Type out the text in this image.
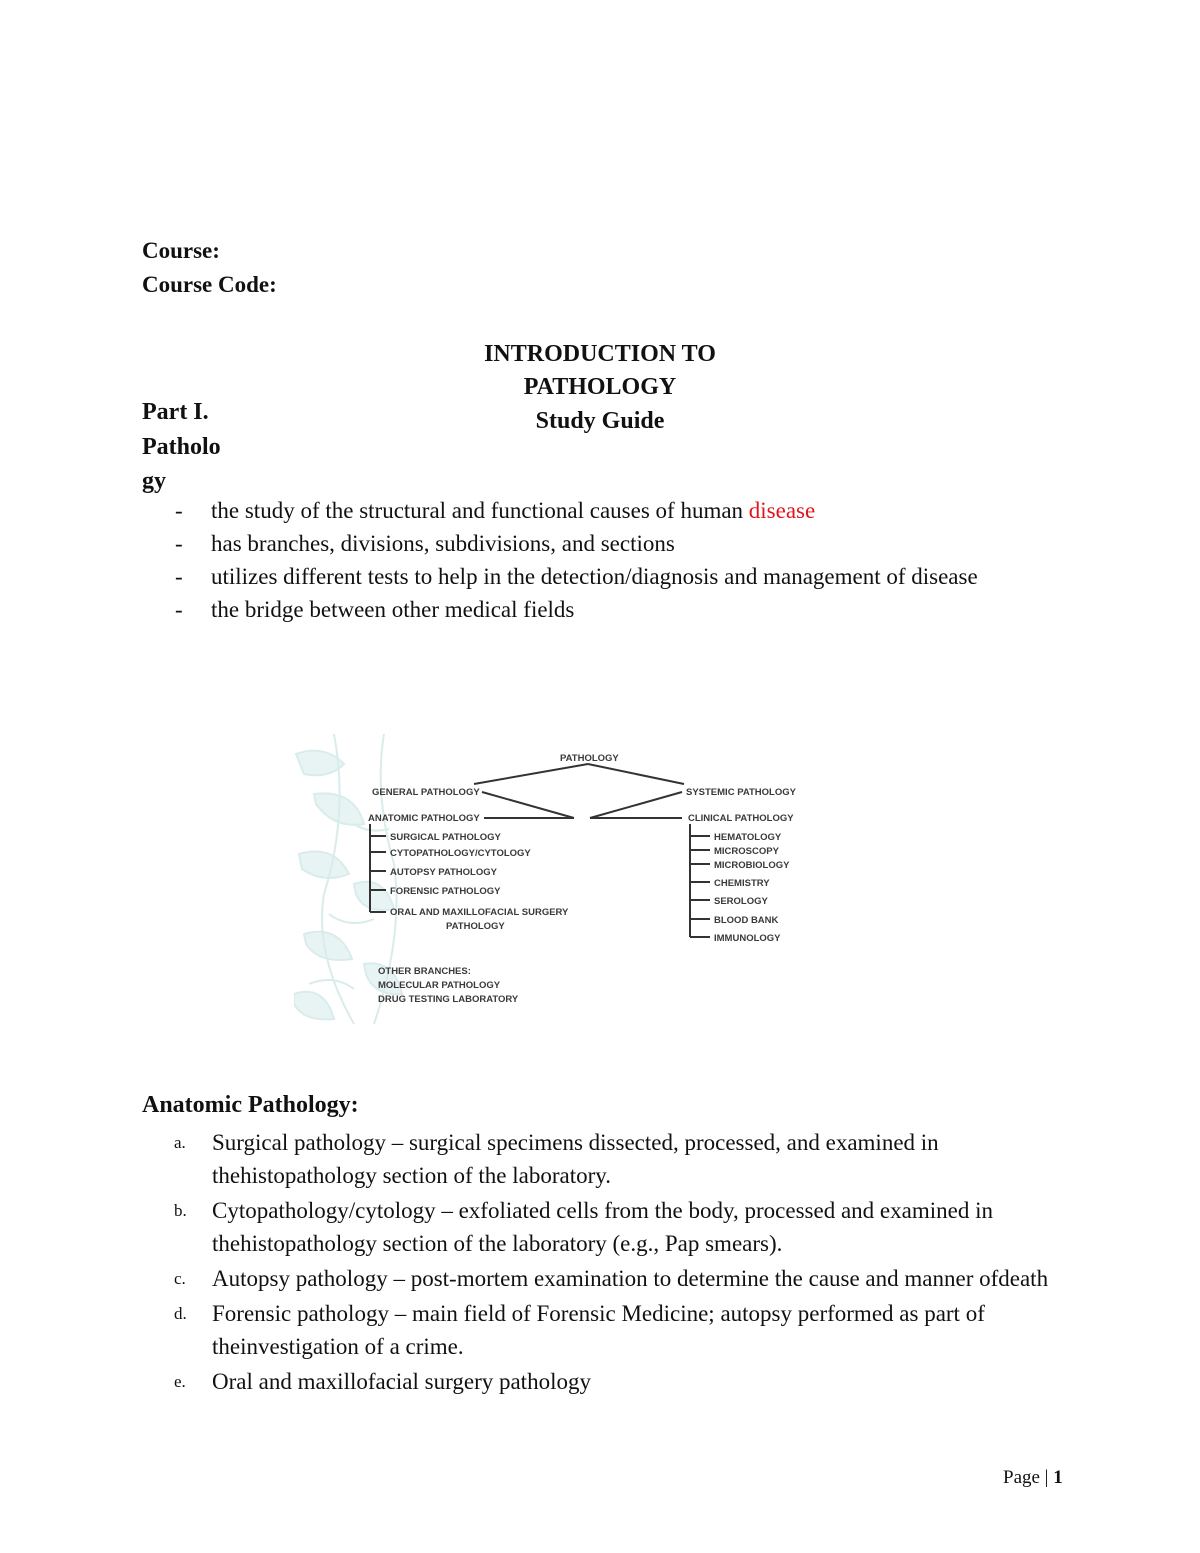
Course:
Course Code:
INTRODUCTION TO
PATHOLOGY
Study Guide
Part I.
Patholo
gy
- the study of the structural and functional causes of human disease
- has branches, divisions, subdivisions, and sections
- utilizes different tests to help in the detection/diagnosis and management of disease
- the bridge between other medical fields
PATHOLOGY
GENERAL PATHOLOGY	SYSTEMIC PATHOLOGY
ANATOMIC PATHOLOGY	CLINICAL PATHOLOGY
SURGICAL PATHOLOGY
CYTOPATHOLOGY/CYTOLOGY
AUTOPSY PATHOLOGY
FORENSIC PATHOLOGY
ORAL AND MAXILLOFACIAL SURGERY
PATHOLOGY
HEMATOLOGY
MICROSCOPY
MICROBIOLOGY
CHEMISTRY
SEROLOGY
BLOOD BANK
IMMUNOLOGY
OTHER BRANCHES:
MOLECULAR PATHOLOGY
DRUG TESTING LABORATORY
Anatomic Pathology:
a. Surgical pathology – surgical specimens dissected, processed, and examined in thehistopathology section of the laboratory.
b. Cytopathology/cytology – exfoliated cells from the body, processed and examined in thehistopathology section of the laboratory (e.g., Pap smears).
c. Autopsy pathology – post-mortem examination to determine the cause and manner ofdeath
d. Forensic pathology – main field of Forensic Medicine; autopsy performed as part of theinvestigation of a crime.
e. Oral and maxillofacial surgery pathology
Page | 1
